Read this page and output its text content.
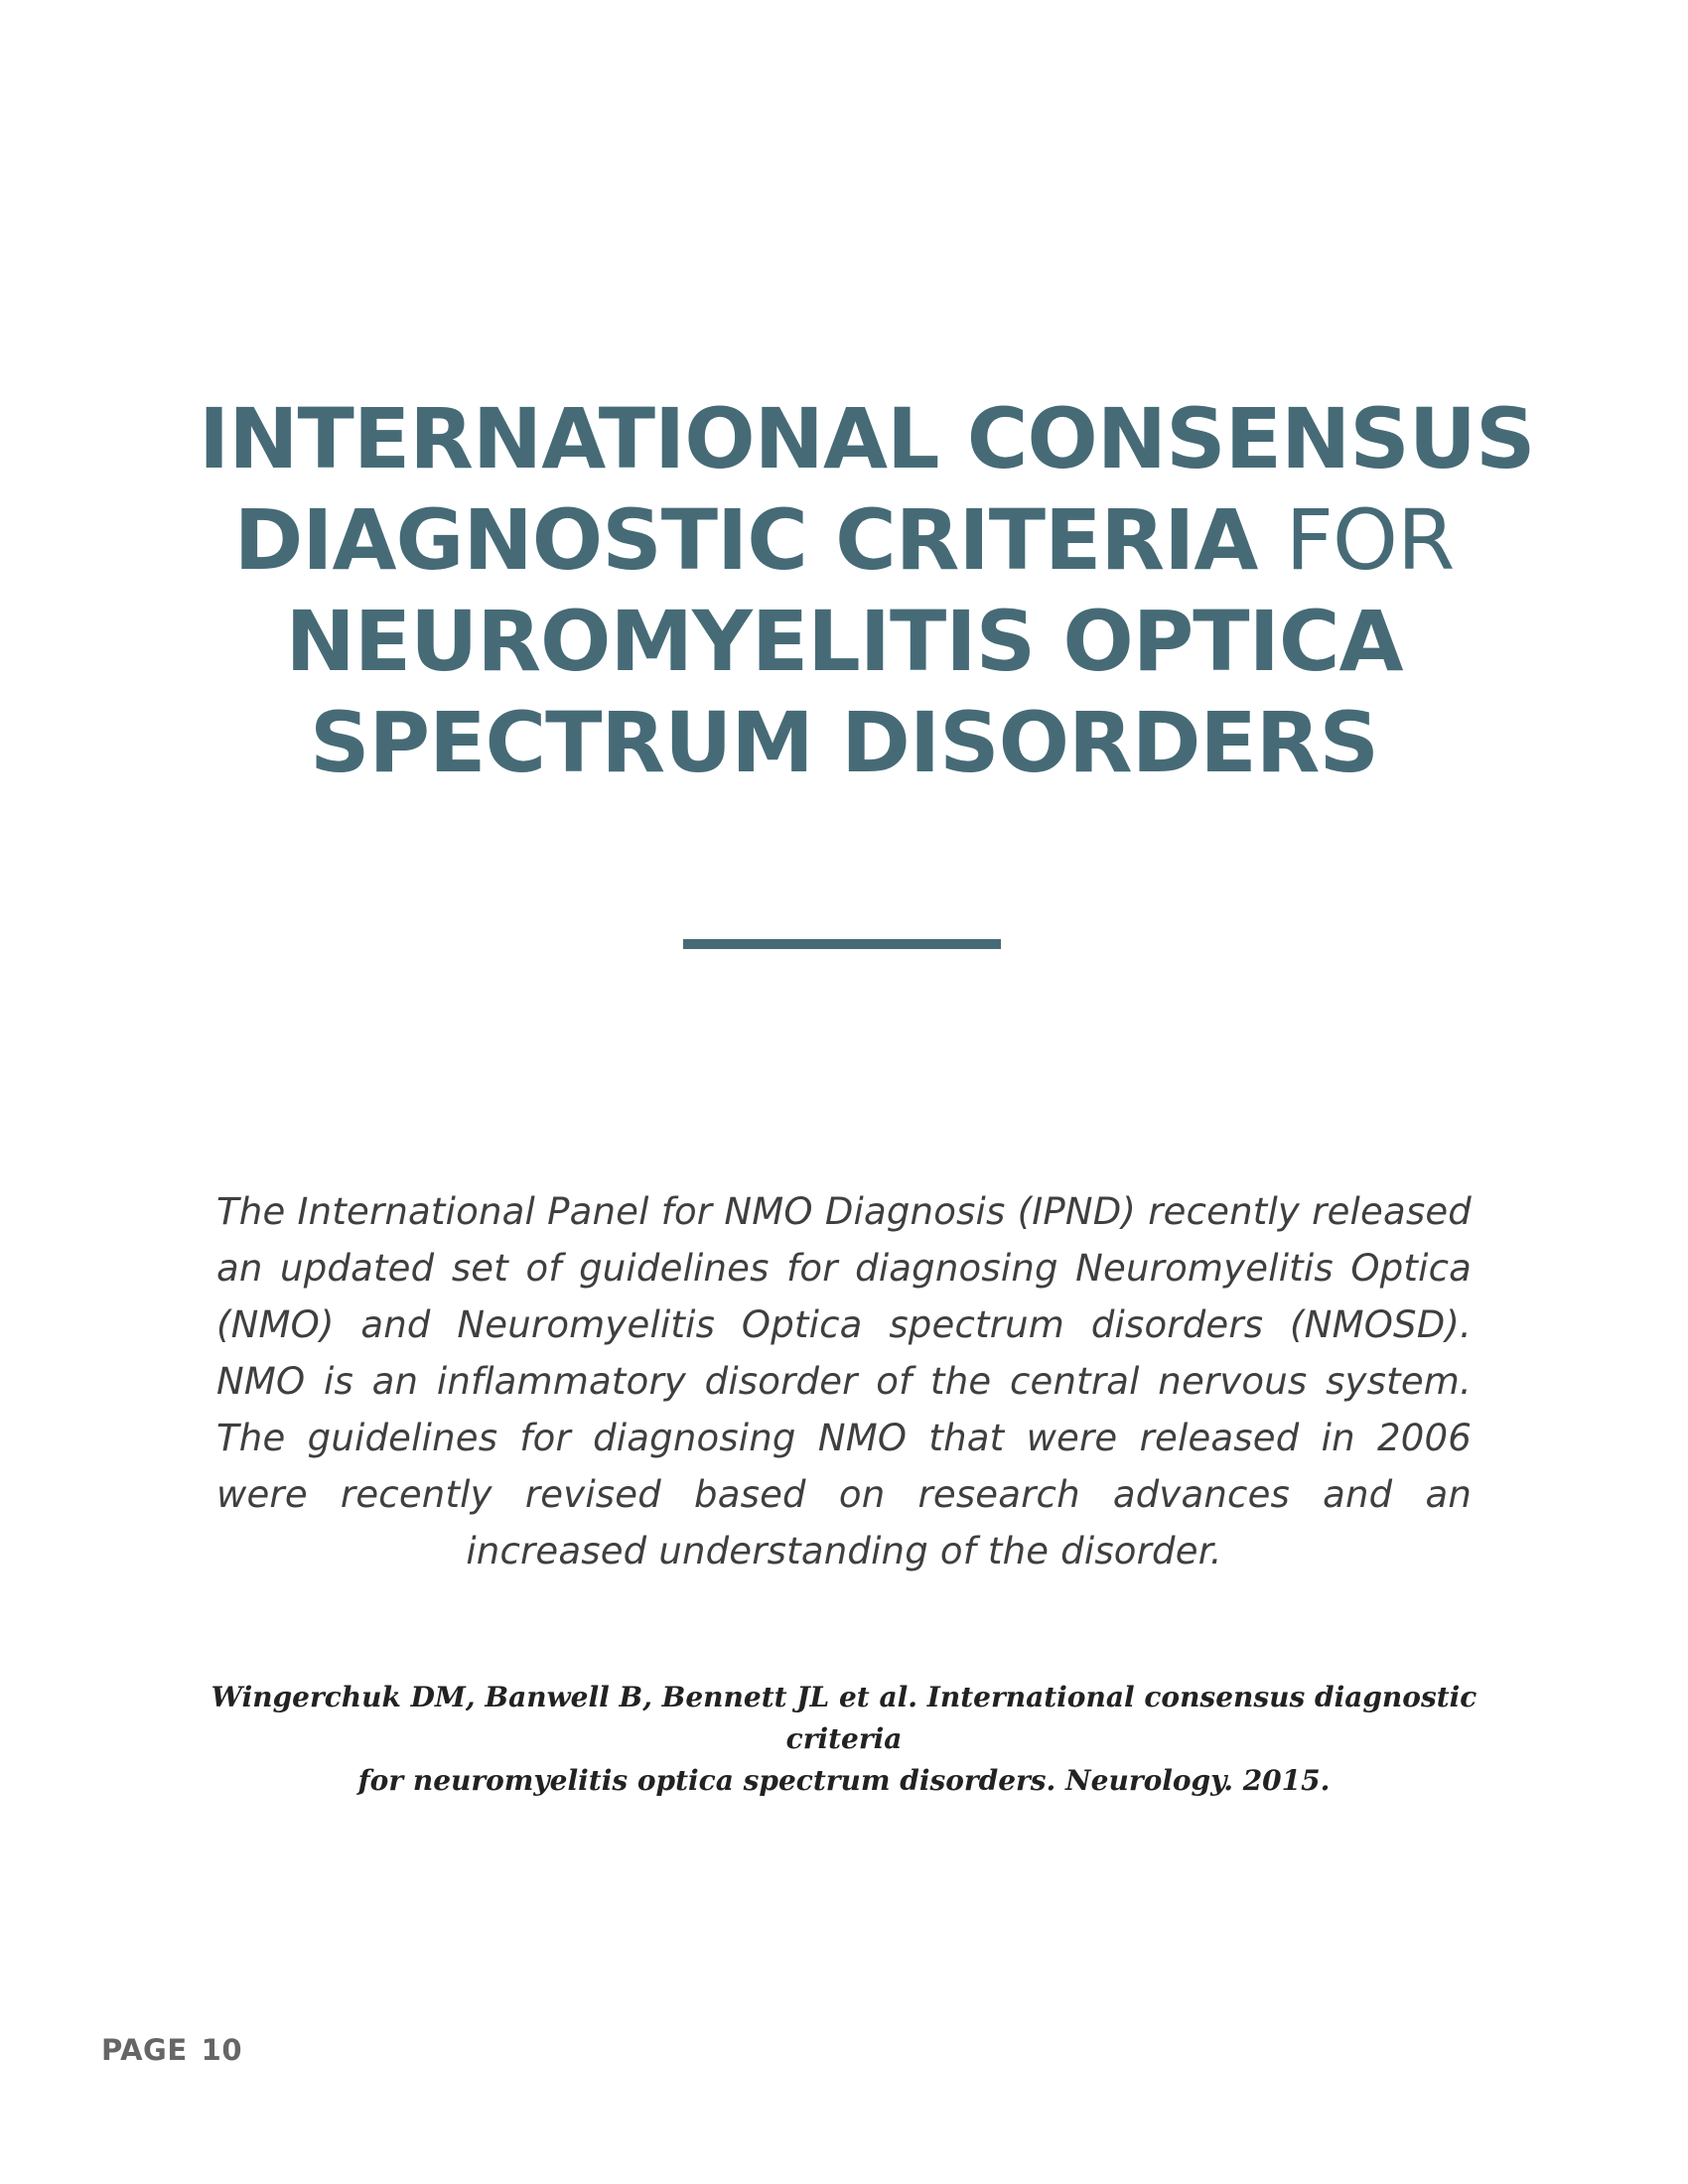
INTERNATIONAL CONSENSUS
DIAGNOSTIC CRITERIA FOR
NEUROMYELITIS OPTICA
SPECTRUM DISORDERS

The International Panel for NMO Diagnosis (IPND) recently released an updated set of guidelines for diagnosing Neuromyelitis Optica (NMO) and Neuromyelitis Optica spectrum disorders (NMOSD). NMO is an inflammatory disorder of the central nervous system. The guidelines for diagnosing NMO that were released in 2006 were recently revised based on research advances and an increased understanding of the disorder.

Wingerchuk DM, Banwell B, Bennett JL et al. International consensus diagnostic criteria
for neuromyelitis optica spectrum disorders. Neurology. 2015.

PAGE 10
